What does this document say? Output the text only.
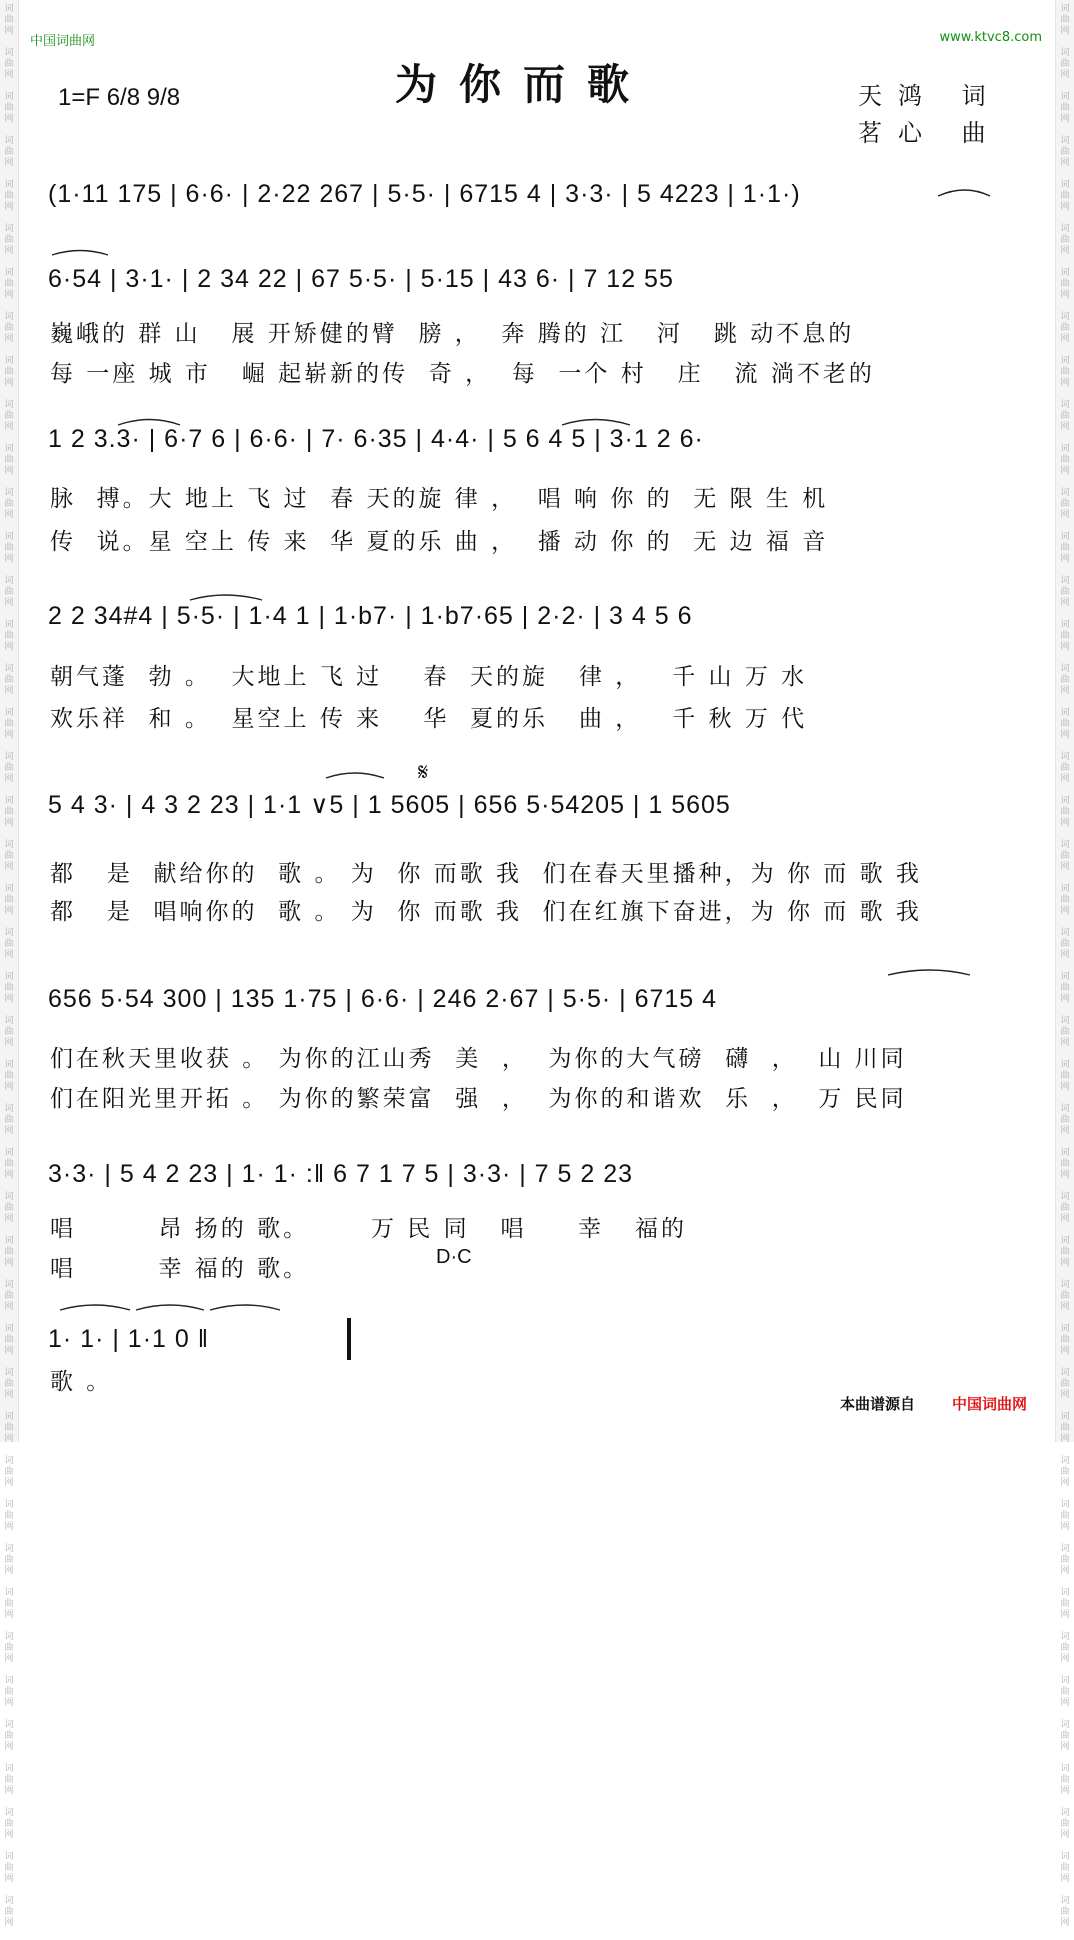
词
曲
网

词
曲
网

词
曲
网

词
曲
网

词
曲
网

词
曲
网

词
曲
网

词
曲
网

词
曲
网

词
曲
网

词
曲
网

词
曲
网

词
曲
网

词
曲
网

词
曲
网

词
曲
网

词
曲
网

词
曲
网

词
曲
网

词
曲
网

词
曲
网

词
曲
网

词
曲
网

词
曲
网

词
曲
网

词
曲
网

词
曲
网

词
曲
网

词
曲
网

词
曲
网

词
曲
网

词
曲
网

词
曲
网

词
曲
网

词
曲
网

词
曲
网

词
曲
网

词
曲
网

词
曲
网

词
曲
网

词
曲
网

词
曲
网

词
曲
网

词
曲
网

词
曲
网

词
曲
网

词
曲
网

词
曲
网

词
曲
网

词
曲
网

词
曲
网

词
曲
网

词
曲
网

词
曲
网

词
曲
网

词
曲
网

词
曲
网

词
曲
网

词
曲
网

词
曲
网

词
曲
网

词
曲
网

词
曲
网

词
曲
网

词
曲
网

词
曲
网

词
曲
网

词
曲
网

词
曲
网

词
曲
网

词
曲
网

词
曲
网

词
曲
网

词
曲
网

词
曲
网

词
曲
网

词
曲
网

词
曲
网

词
曲
网

词
曲
网

词
曲
网

词
曲
网

词
曲
网

词
曲
网

词
曲
网

词
曲
网

词
曲
网

词
曲
网

中国词曲网	www.ktvc8.com
为你而歌
1=F 6/8 9/8	天鸿 词
茗心 曲
(1·11 175 | 6·6· | 2·22 267 | 5·5· | 6715 4 | 3·3· | 5 4223 | 1·1·)
6·54 | 3·1· | 2 34 22 | 67 5·5· | 5·15 | 43 6· | 7 12 55
巍峨的 群 山   展 开矫健的臂  膀 ，  奔 腾的 江   河   跳 动不息的
每 一座 城 市   崛 起崭新的传  奇 ，  每  一个 村   庄   流 淌不老的
1 2 3.3· | 6·7 6 | 6·6· | 7· 6·35 | 4·4· | 5 6 4 5 | 3·1 2 6·
脉  搏。大 地上 飞 过  春 天的旋 律 ，  唱 响 你 的  无 限 生 机
传  说。星 空上 传 来  华 夏的乐 曲 ，  播 动 你 的  无 边 福 音
2 2 34#4 | 5·5· | 1·4 1 | 1·b7· | 1·b7·65 | 2·2· | 3 4 5 6
朝气蓬  勃 。  大地上 飞 过    春  天的旋   律 ，   千 山 万 水
欢乐祥  和 。  星空上 传 来    华  夏的乐   曲 ，   千 秋 万 代
𝄋
5 4 3· | 4 3 2 23 | 1·1 ∨5 | 1 5605 | 656 5·54205 | 1 5605
都   是  献给你的  歌 。 为  你 而歌 我  们在春天里播种，为 你 而 歌 我
都   是  唱响你的  歌 。 为  你 而歌 我  们在红旗下奋进，为 你 而 歌 我
656 5·54 300 | 135 1·75 | 6·6· | 246 2·67 | 5·5· | 6715 4
们在秋天里收获 。 为你的江山秀  美  ，  为你的大气磅  礴  ，  山 川同
们在阳光里开拓 。 为你的繁荣富  强  ，  为你的和谐欢  乐  ，  万 民同
3·3· | 5 4 2 23 | 1· 1· :‖ 6 7 1 7 5 | 3·3· | 7 5 2 23
唱        昂 扬的 歌。      万 民 同   唱     幸   福的
唱        幸 福的 歌。	D·C
1· 1· | 1·1 0 ‖
歌 。
本曲谱源自 中国词曲网
